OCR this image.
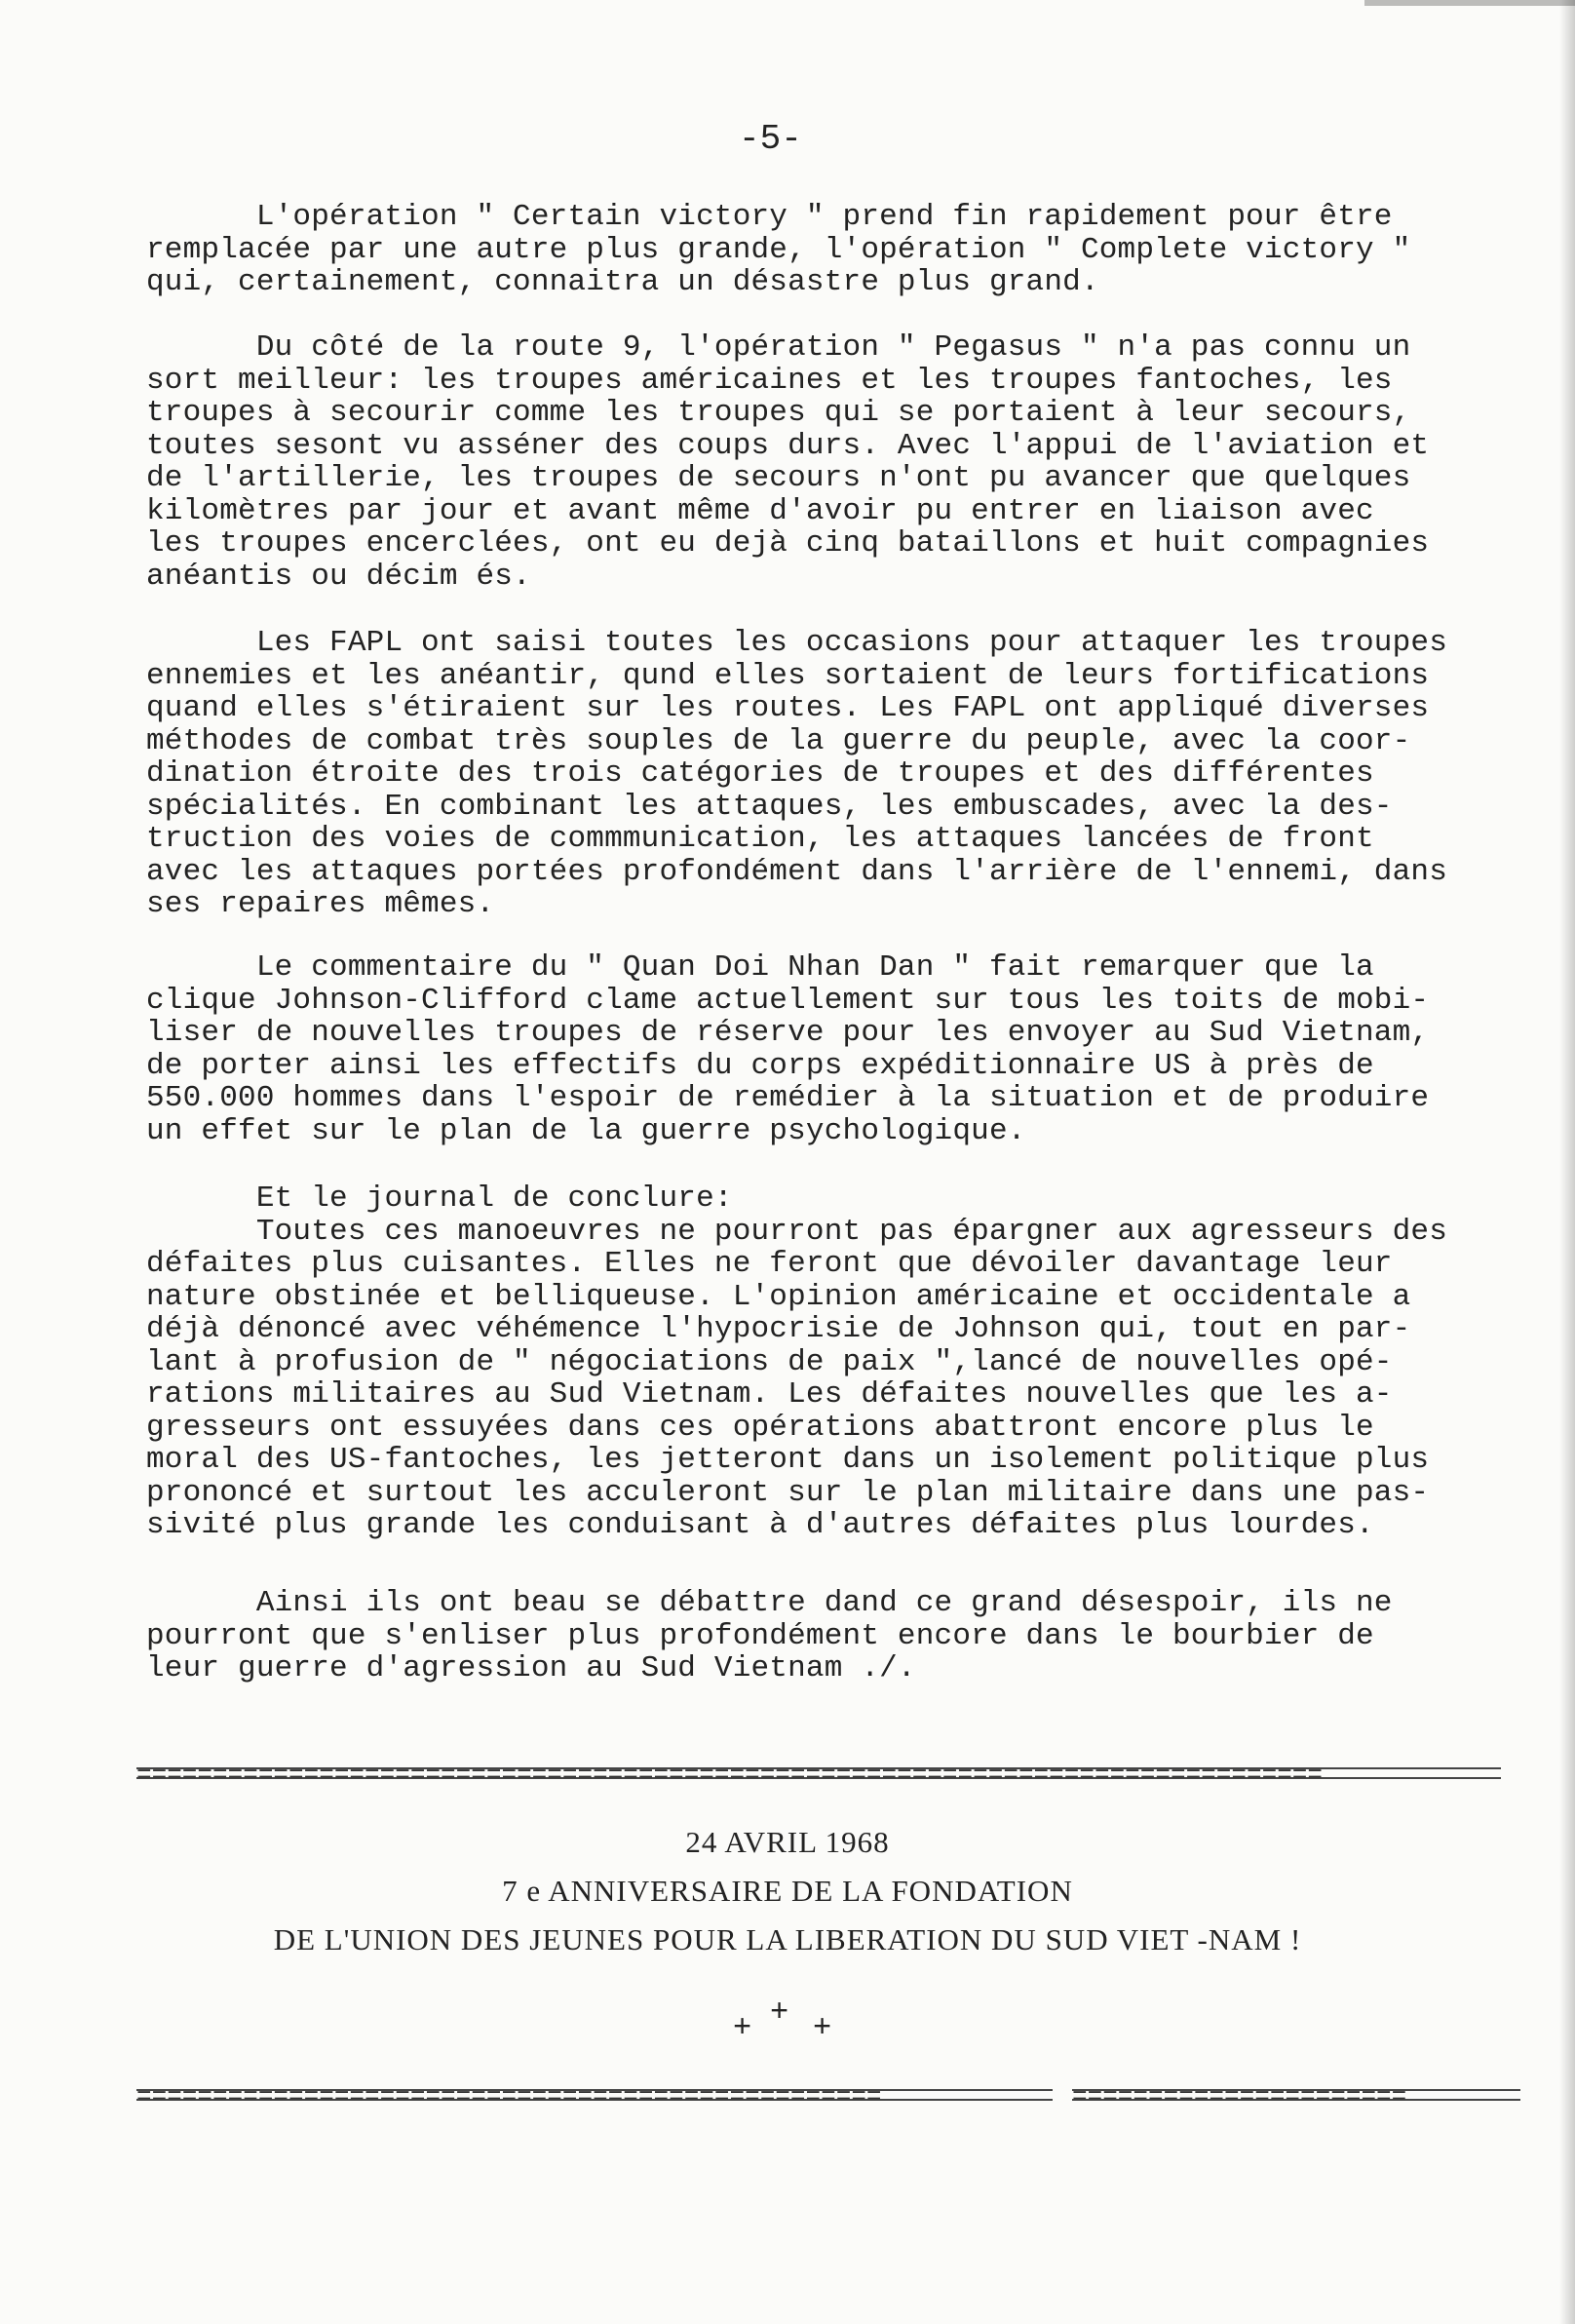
-5-

L'opération " Certain victory " prend fin rapidement pour être
remplacée par une autre plus grande, l'opération " Complete victory "
qui, certainement, connaitra un désastre plus grand.

Du côté de la route 9, l'opération " Pegasus " n'a pas connu un
sort meilleur: les troupes américaines et les troupes fantoches, les
troupes à secourir comme les troupes qui se portaient à leur secours,
toutes sesont vu asséner des coups durs. Avec l'appui de l'aviation et
de l'artillerie, les troupes de secours n'ont pu avancer que quelques
kilomètres par jour et avant même d'avoir pu entrer en liaison avec
les troupes encerclées, ont eu dejà cinq bataillons et huit compagnies
anéantis ou décim és.

Les FAPL ont saisi toutes les occasions pour attaquer les troupes
ennemies et les anéantir, qund elles sortaient de leurs fortifications
quand elles s'étiraient sur les routes. Les FAPL ont appliqué diverses
méthodes de combat très souples de la guerre du peuple, avec la coor-
dination étroite des trois catégories de troupes et des différentes
spécialités. En combinant les attaques, les embuscades, avec la des-
truction des voies de commmunication, les attaques lancées de front
avec les attaques portées profondément dans l'arrière de l'ennemi, dans
ses repaires mêmes.

Le commentaire du " Quan Doi Nhan Dan " fait remarquer que la
clique Johnson-Clifford clame actuellement sur tous les toits de mobi-
liser de nouvelles troupes de réserve pour les envoyer au Sud Vietnam,
de porter ainsi les effectifs du corps expéditionnaire US à près de
550.000 hommes dans l'espoir de remédier à la situation et de produire
un effet sur le plan de la guerre psychologique.

Et le journal de conclure:
Toutes ces manoeuvres ne pourront pas épargner aux agresseurs des
défaites plus cuisantes. Elles ne feront que dévoiler davantage leur
nature obstinée et belliqueuse. L'opinion américaine et occidentale a
déjà dénoncé avec véhémence l'hypocrisie de Johnson qui, tout en par-
lant à profusion de " négociations de paix ",lancé de nouvelles opé-
rations militaires au Sud Vietnam. Les défaites nouvelles que les a-
gresseurs ont essuyées dans ces opérations abattront encore plus le
moral des US-fantoches, les jetteront dans un isolement politique plus
prononcé et surtout les acculeront sur le plan militaire dans une pas-
sivité plus grande les conduisant à d'autres défaites plus lourdes.

Ainsi ils ont beau se débattre dand ce grand désespoir, ils ne
pourront que s'enliser plus profondément encore dans le bourbier de
leur guerre d'agression au Sud Vietnam ./.

==============================================================================
24 AVRIL 1968
7 e ANNIVERSAIRE DE LA FONDATION
DE L'UNION DES JEUNES POUR LA LIBERATION DU SUD VIET -NAM !
+ + +
=================================================	======================
